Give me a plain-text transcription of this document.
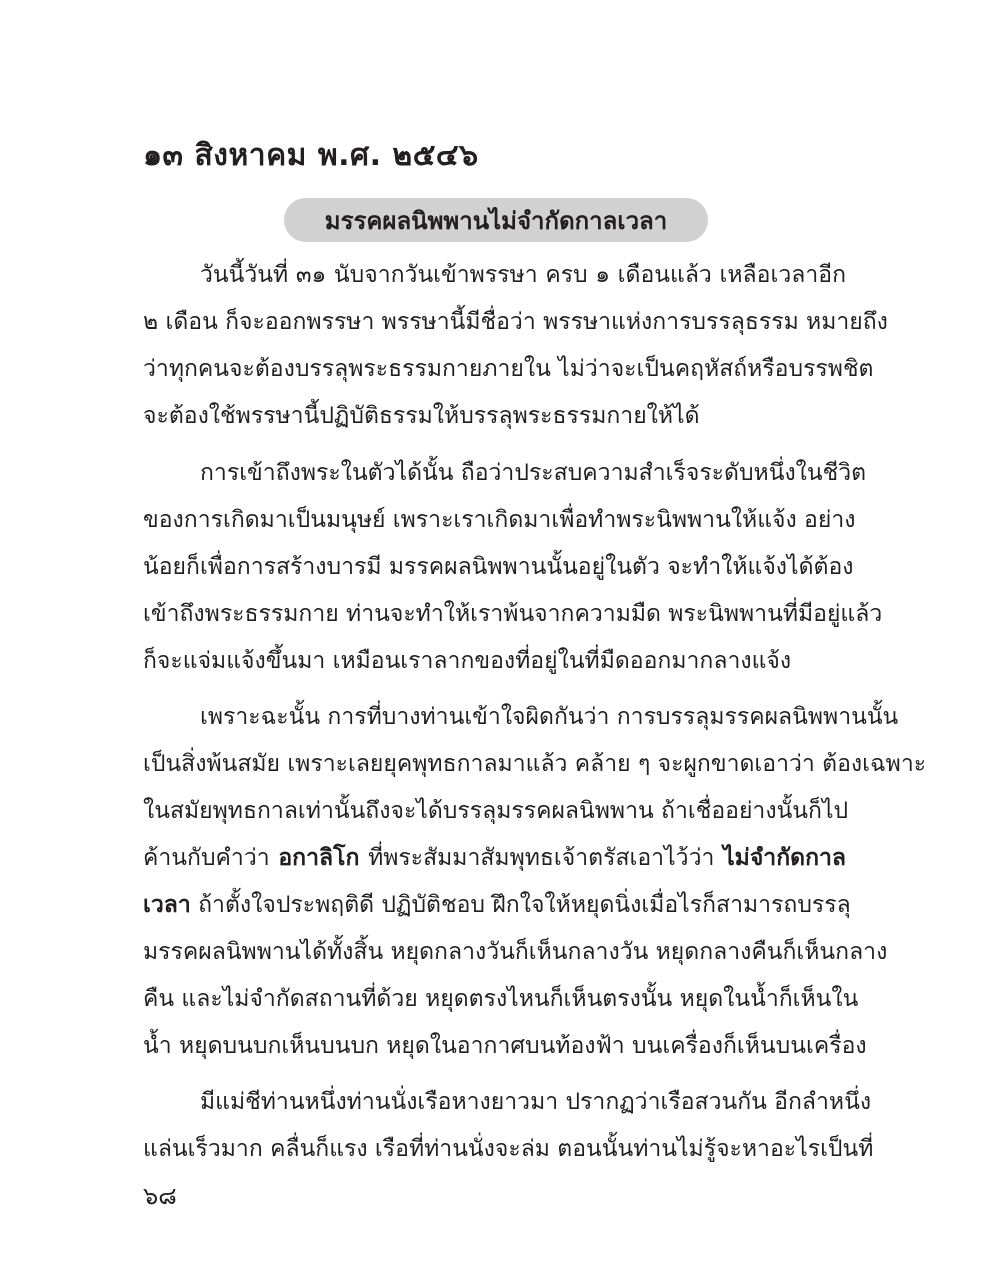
๑๓ สิงหาคม พ.ศ. ๒๕๔๖
มรรคผลนิพพานไม่จำกัดกาลเวลา
วันนี้วันที่ ๓๑ นับจากวันเข้าพรรษา ครบ ๑ เดือนแล้ว เหลือเวลาอีก
๒ เดือน ก็จะออกพรรษา พรรษานี้มีชื่อว่า พรรษาแห่งการบรรลุธรรม หมายถึง
ว่าทุกคนจะต้องบรรลุพระธรรมกายภายใน ไม่ว่าจะเป็นคฤหัสถ์หรือบรรพชิต
จะต้องใช้พรรษานี้ปฏิบัติธรรมให้บรรลุพระธรรมกายให้ได้
การเข้าถึงพระในตัวได้นั้น ถือว่าประสบความสำเร็จระดับหนึ่งในชีวิต
ของการเกิดมาเป็นมนุษย์ เพราะเราเกิดมาเพื่อทำพระนิพพานให้แจ้ง อย่าง
น้อยก็เพื่อการสร้างบารมี มรรคผลนิพพานนั้นอยู่ในตัว จะทำให้แจ้งได้ต้อง
เข้าถึงพระธรรมกาย ท่านจะทำให้เราพ้นจากความมืด พระนิพพานที่มีอยู่แล้ว
ก็จะแจ่มแจ้งขึ้นมา เหมือนเราลากของที่อยู่ในที่มืดออกมากลางแจ้ง
เพราะฉะนั้น การที่บางท่านเข้าใจผิดกันว่า การบรรลุมรรคผลนิพพานนั้น
เป็นสิ่งพ้นสมัย เพราะเลยยุคพุทธกาลมาแล้ว คล้าย ๆ จะผูกขาดเอาว่า ต้องเฉพาะ
ในสมัยพุทธกาลเท่านั้นถึงจะได้บรรลุมรรคผลนิพพาน ถ้าเชื่ออย่างนั้นก็ไป
ค้านกับคำว่า อกาลิโก ที่พระสัมมาสัมพุทธเจ้าตรัสเอาไว้ว่า ไม่จำกัดกาล
เวลา ถ้าตั้งใจประพฤติดี ปฏิบัติชอบ ฝึกใจให้หยุดนิ่งเมื่อไรก็สามารถบรรลุ
มรรคผลนิพพานได้ทั้งสิ้น หยุดกลางวันก็เห็นกลางวัน หยุดกลางคืนก็เห็นกลาง
คืน และไม่จำกัดสถานที่ด้วย หยุดตรงไหนก็เห็นตรงนั้น หยุดในน้ำก็เห็นใน
น้ำ หยุดบนบกเห็นบนบก หยุดในอากาศบนท้องฟ้า บนเครื่องก็เห็นบนเครื่อง
มีแม่ชีท่านหนึ่งท่านนั่งเรือหางยาวมา ปรากฏว่าเรือสวนกัน อีกลำหนึ่ง
แล่นเร็วมาก คลื่นก็แรง เรือที่ท่านนั่งจะล่ม ตอนนั้นท่านไม่รู้จะหาอะไรเป็นที่
๖๘
